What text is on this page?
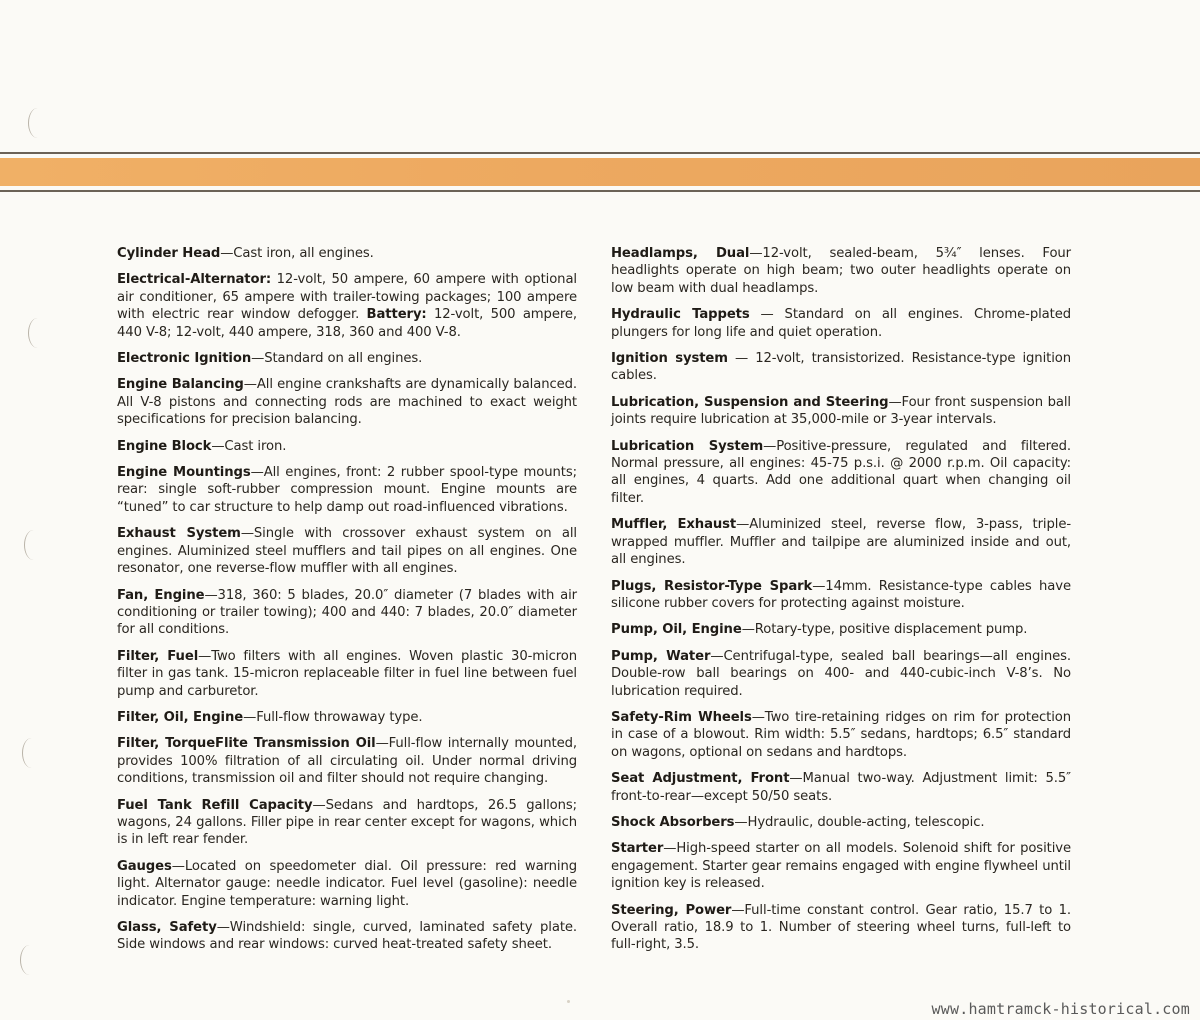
Cylinder Head—Cast iron, all engines.

Electrical-Alternator: 12-volt, 50 ampere, 60 ampere with optional air conditioner, 65 ampere with trailer-towing packages; 100 ampere with electric rear window defogger. Battery: 12-volt, 500 ampere, 440 V-8; 12-volt, 440 ampere, 318, 360 and 400 V-8.

Electronic Ignition—Standard on all engines.

Engine Balancing—All engine crankshafts are dynamically balanced. All V-8 pistons and connecting rods are machined to exact weight specifications for precision balancing.

Engine Block—Cast iron.

Engine Mountings—All engines, front: 2 rubber spool-type mounts; rear: single soft-rubber compression mount. Engine mounts are “tuned” to car structure to help damp out road-influenced vibrations.

Exhaust System—Single with crossover exhaust system on all engines. Aluminized steel mufflers and tail pipes on all engines. One resonator, one reverse-flow muffler with all engines.

Fan, Engine—318, 360: 5 blades, 20.0″ diameter (7 blades with air conditioning or trailer towing); 400 and 440: 7 blades, 20.0″ diameter for all conditions.

Filter, Fuel—Two filters with all engines. Woven plastic 30-micron filter in gas tank. 15-micron replaceable filter in fuel line between fuel pump and carburetor.

Filter, Oil, Engine—Full-flow throwaway type.

Filter, TorqueFlite Transmission Oil—Full-flow internally mounted, provides 100% filtration of all circulating oil. Under normal driving conditions, transmission oil and filter should not require changing.

Fuel Tank Refill Capacity—Sedans and hardtops, 26.5 gallons; wagons, 24 gallons. Filler pipe in rear center except for wagons, which is in left rear fender.

Gauges—Located on speedometer dial. Oil pressure: red warning light. Alternator gauge: needle indicator. Fuel level (gasoline): needle indicator. Engine temperature: warning light.

Glass, Safety—Windshield: single, curved, laminated safety plate. Side windows and rear windows: curved heat-treated safety sheet.

Headlamps, Dual—12-volt, sealed-beam, 5¾″ lenses. Four headlights operate on high beam; two outer headlights operate on low beam with dual headlamps.

Hydraulic Tappets — Standard on all engines. Chrome-plated plungers for long life and quiet operation.

Ignition system — 12-volt, transistorized. Resistance-type ignition cables.

Lubrication, Suspension and Steering—Four front suspension ball joints require lubrication at 35,000-mile or 3-year intervals.

Lubrication System—Positive-pressure, regulated and filtered. Normal pressure, all engines: 45-75 p.s.i. @ 2000 r.p.m. Oil capacity: all engines, 4 quarts. Add one additional quart when changing oil filter.

Muffler, Exhaust—Aluminized steel, reverse flow, 3-pass, triple-wrapped muffler. Muffler and tailpipe are aluminized inside and out, all engines.

Plugs, Resistor-Type Spark—14mm. Resistance-type cables have silicone rubber covers for protecting against moisture.

Pump, Oil, Engine—Rotary-type, positive displacement pump.

Pump, Water—Centrifugal-type, sealed ball bearings—all engines. Double-row ball bearings on 400- and 440-cubic-inch V-8’s. No lubrication required.

Safety-Rim Wheels—Two tire-retaining ridges on rim for protection in case of a blowout. Rim width: 5.5″ sedans, hardtops; 6.5″ standard on wagons, optional on sedans and hardtops.

Seat Adjustment, Front—Manual two-way. Adjustment limit: 5.5″ front-to-rear—except 50/50 seats.

Shock Absorbers—Hydraulic, double-acting, telescopic.

Starter—High-speed starter on all models. Solenoid shift for positive engagement. Starter gear remains engaged with engine flywheel until ignition key is released.

Steering, Power—Full-time constant control. Gear ratio, 15.7 to 1. Overall ratio, 18.9 to 1. Number of steering wheel turns, full-left to full-right, 3.5.

www.hamtramck-historical.com
